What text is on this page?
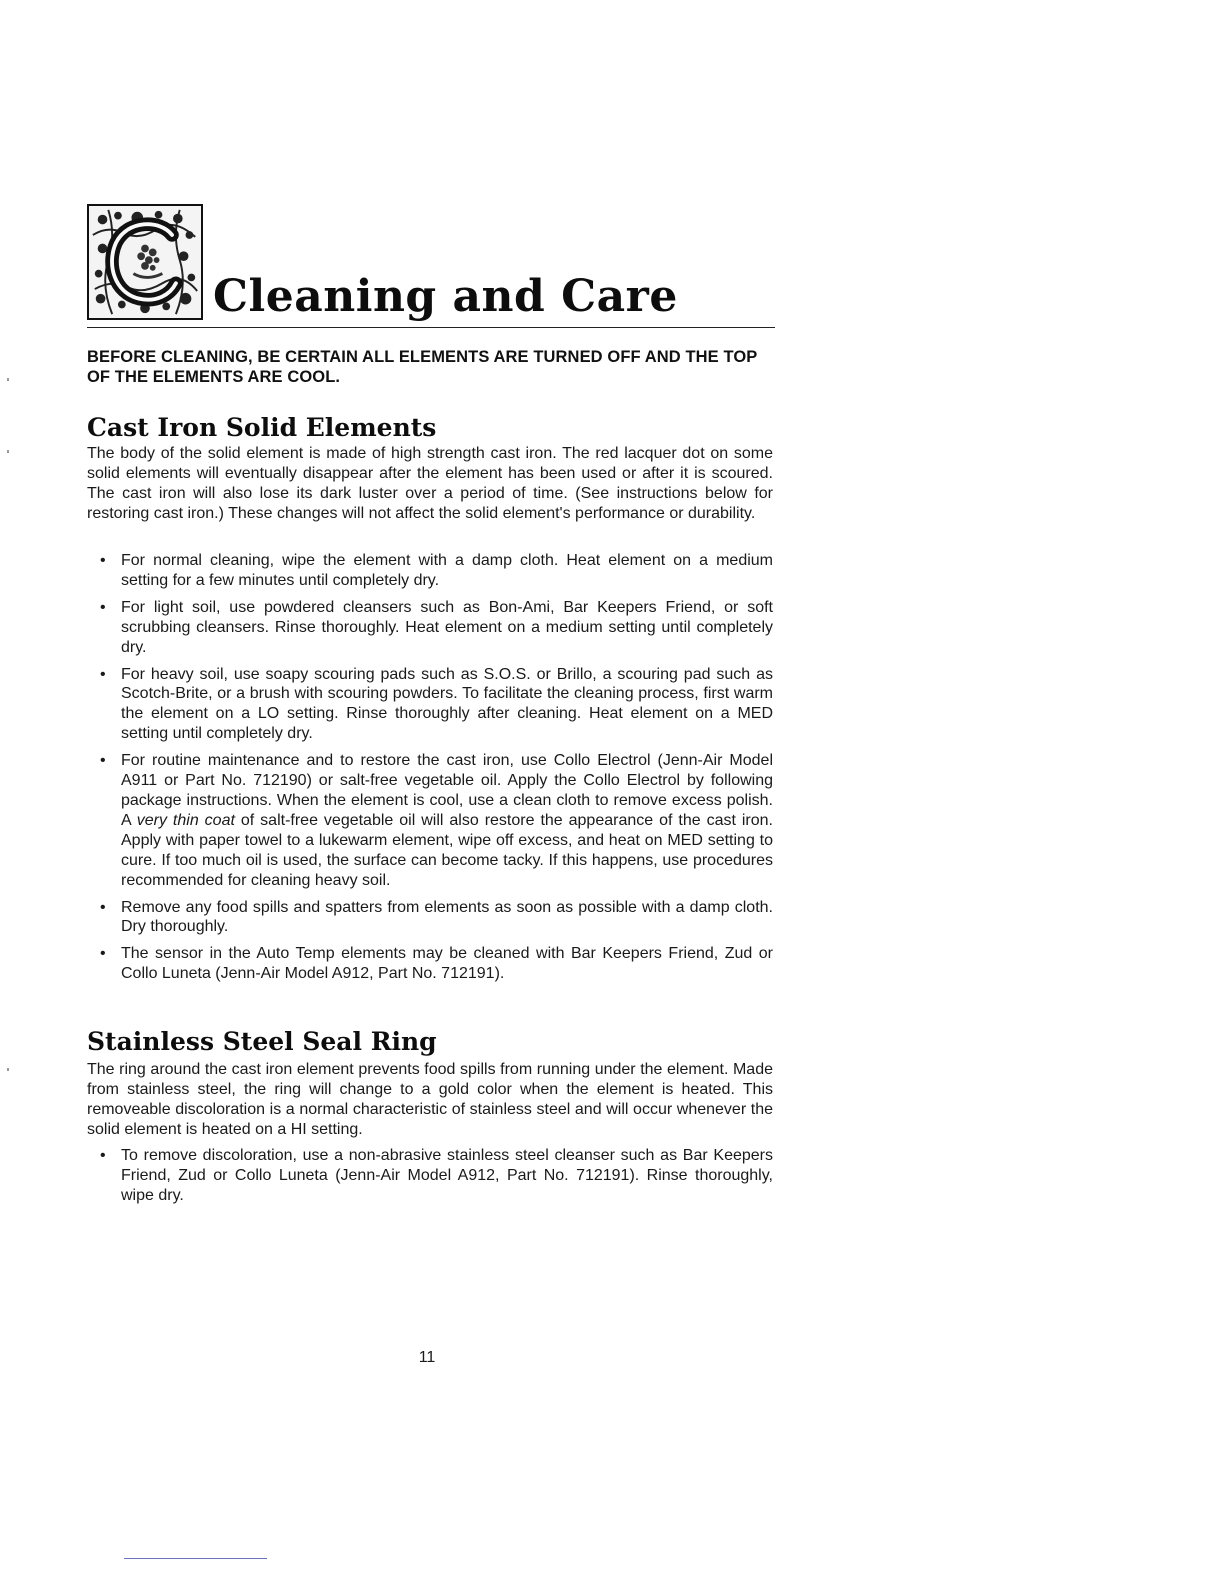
Cleaning and Care

BEFORE CLEANING, BE CERTAIN ALL ELEMENTS ARE TURNED OFF AND THE TOP OF THE ELEMENTS ARE COOL.

Cast Iron Solid Elements

The body of the solid element is made of high strength cast iron. The red lacquer dot on some solid elements will eventually disappear after the element has been used or after it is scoured. The cast iron will also lose its dark luster over a period of time. (See instructions below for restoring cast iron.) These changes will not affect the solid element's performance or durability.

• For normal cleaning, wipe the element with a damp cloth. Heat element on a medium setting for a few minutes until completely dry.
• For light soil, use powdered cleansers such as Bon-Ami, Bar Keepers Friend, or soft scrubbing cleansers. Rinse thoroughly. Heat element on a medium setting until completely dry.
• For heavy soil, use soapy scouring pads such as S.O.S. or Brillo, a scouring pad such as Scotch-Brite, or a brush with scouring powders. To facilitate the cleaning process, first warm the element on a LO setting. Rinse thoroughly after cleaning. Heat element on a MED setting until completely dry.
• For routine maintenance and to restore the cast iron, use Collo Electrol (Jenn-Air Model A911 or Part No. 712190) or salt-free vegetable oil. Apply the Collo Electrol by following package instructions. When the element is cool, use a clean cloth to remove excess polish. A very thin coat of salt-free vegetable oil will also restore the appearance of the cast iron. Apply with paper towel to a lukewarm element, wipe off excess, and heat on MED setting to cure. If too much oil is used, the surface can become tacky. If this happens, use procedures recommended for cleaning heavy soil.
• Remove any food spills and spatters from elements as soon as possible with a damp cloth. Dry thoroughly.
• The sensor in the Auto Temp elements may be cleaned with Bar Keepers Friend, Zud or Collo Luneta (Jenn-Air Model A912, Part No. 712191).
Stainless Steel Seal Ring

The ring around the cast iron element prevents food spills from running under the element. Made from stainless steel, the ring will change to a gold color when the element is heated. This removeable discoloration is a normal characteristic of stainless steel and will occur whenever the solid element is heated on a HI setting.

• To remove discoloration, use a non-abrasive stainless steel cleanser such as Bar Keepers Friend, Zud or Collo Luneta (Jenn-Air Model A912, Part No. 712191). Rinse thoroughly, wipe dry.

11
